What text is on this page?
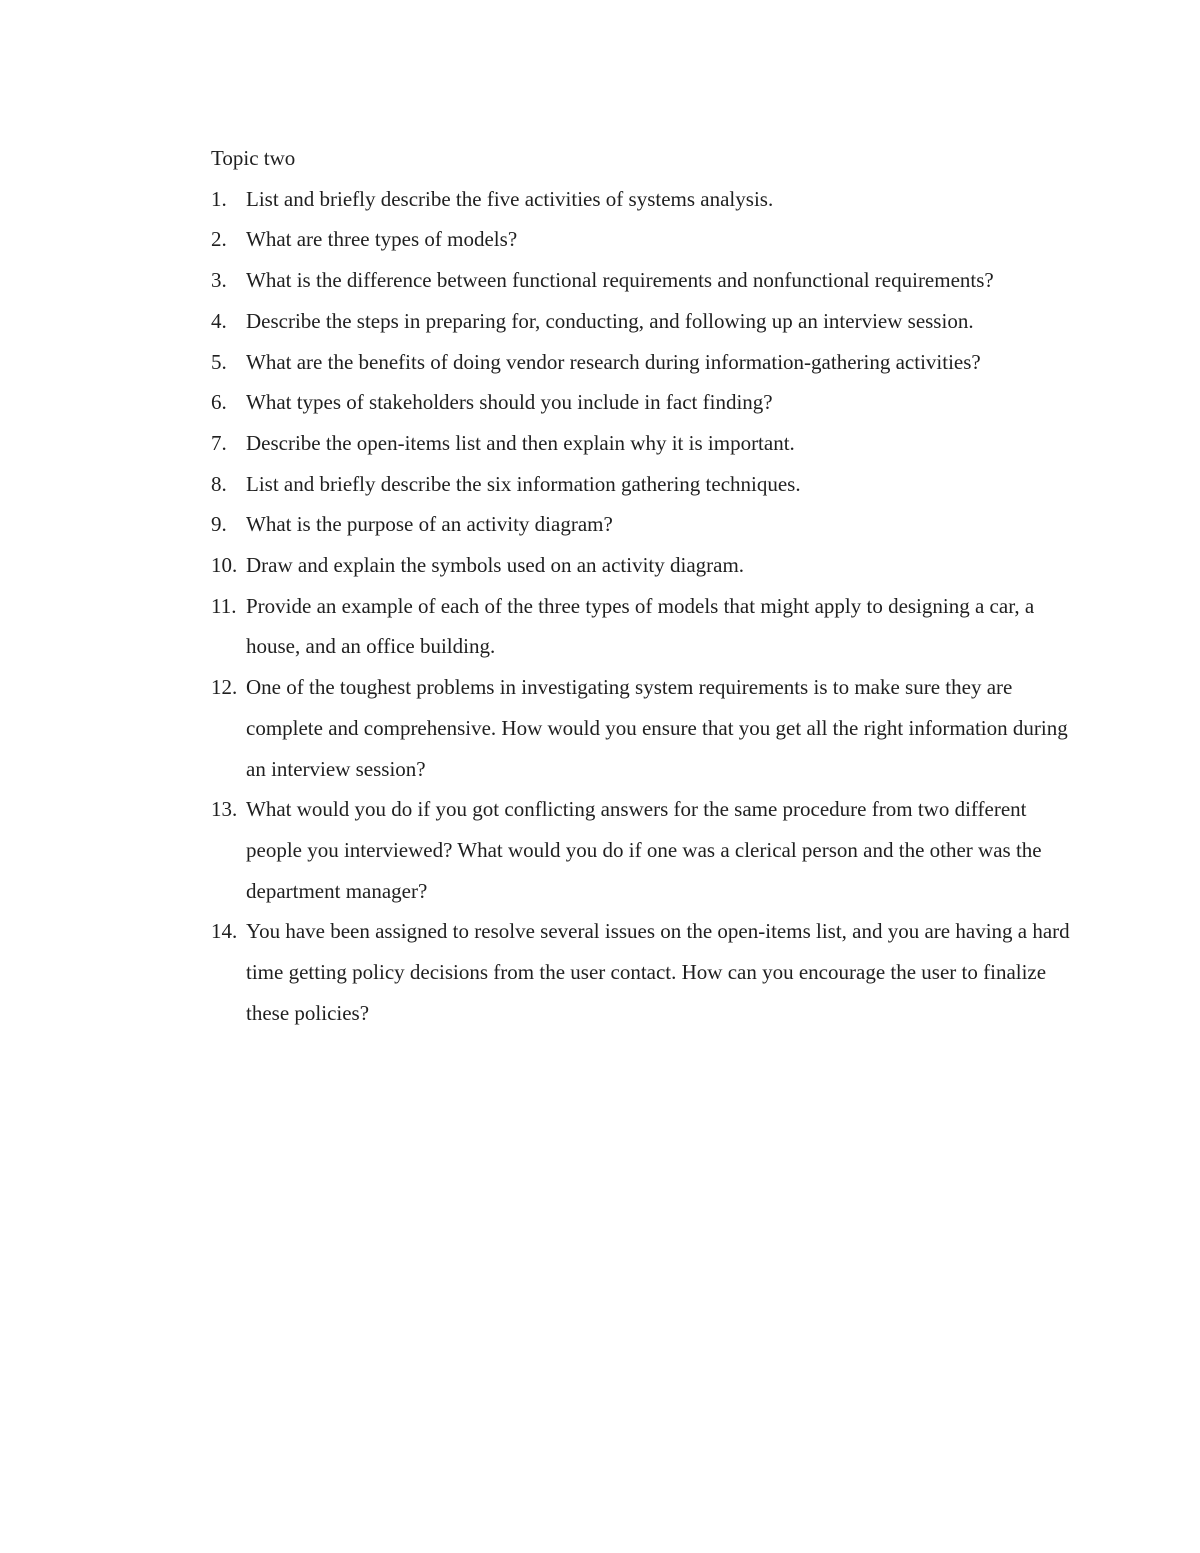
Topic two

1. List and briefly describe the five activities of systems analysis.
2. What are three types of models?
3. What is the difference between functional requirements and nonfunctional requirements?
4. Describe the steps in preparing for, conducting, and following up an interview session.
5. What are the benefits of doing vendor research during information-gathering activities?
6. What types of stakeholders should you include in fact finding?
7. Describe the open-items list and then explain why it is important.
8. List and briefly describe the six information gathering techniques.
9. What is the purpose of an activity diagram?
10. Draw and explain the symbols used on an activity diagram.
11. Provide an example of each of the three types of models that might apply to designing a car, a house, and an office building.
12. One of the toughest problems in investigating system requirements is to make sure they are complete and comprehensive. How would you ensure that you get all the right information during an interview session?
13. What would you do if you got conflicting answers for the same procedure from two different people you interviewed? What would you do if one was a clerical person and the other was the department manager?
14. You have been assigned to resolve several issues on the open-items list, and you are having a hard time getting policy decisions from the user contact. How can you encourage the user to finalize these policies?
